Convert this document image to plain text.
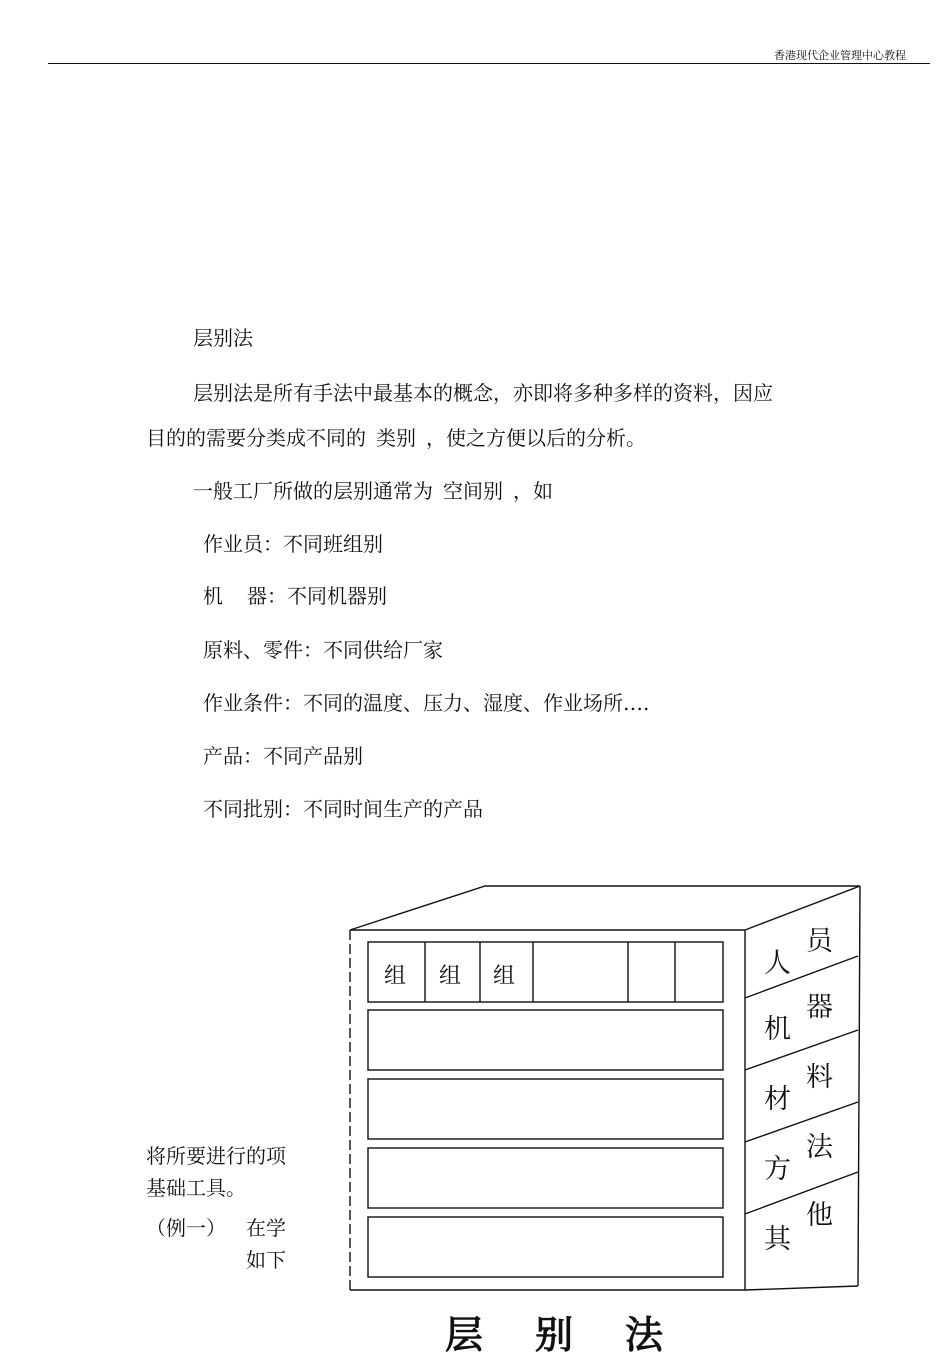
香港现代企业管理中心教程
层别法
层别法是所有手法中最基本的概念，亦即将多种多样的资料，因应
目的的需要分类成不同的 类别 ，使之方便以后的分析。
一般工厂所做的层别通常为 空间别 ，如
作业员：不同班组别
机 器：不同机器别
原料、零件：不同供给厂家
作业条件：不同的温度、压力、湿度、作业场所….
产品：不同产品别
不同批别：不同时间生产的产品
将所要进行的项
基础工具。
（例一） 在学
如下
组 组 组	人
员
机
器
材
料
方
法
其
他
层 别 法
